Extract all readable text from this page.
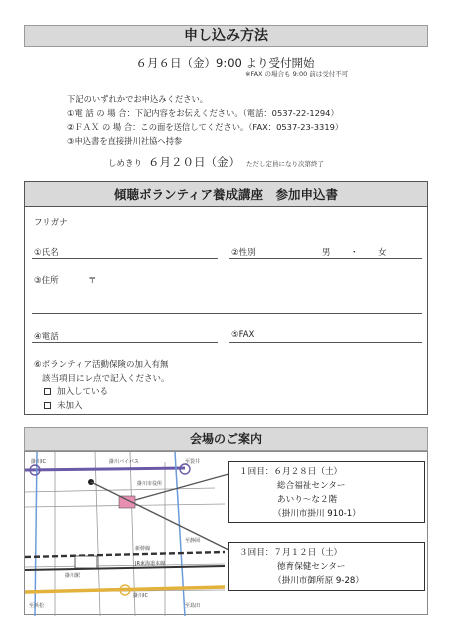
申し込み方法
６月６日（金）9:00 より受付開始
※FAX の場合も 9:00 前は受付不可
下記のいずれかでお申込みください。
①電 話 の 場 合：下記内容をお伝えください。（電話：0537-22-1294）
②ＦＡＸ の 場 合：この面を送信してください。（FAX：0537-23-3319）
③申込書を直接掛川社協へ持参
しめきり ６月２０日（金） ただし定員になり次第終了
傾聴ボランティア養成講座　参加申込書
フリガナ
①氏名	②性別	男 ・ 女
③住所	〒
④電話	⑤FAX
⑥ボランティア活動保険の加入有無
該当項目にレ点で記入ください。
加入している
未加入
会場のご案内
掛川IC	掛川バイパス	至袋井
掛川駅
至静岡
掛川IC
新幹線
JR東海道本線
掛川市役所
至浜松	至島田
１回目：６月２８日（土）
総合福祉センター
あいり～な２階
（掛川市掛川 910-1）
３回目：７月１２日（土）
徳育保健センター
（掛川市御所原 9-28）
